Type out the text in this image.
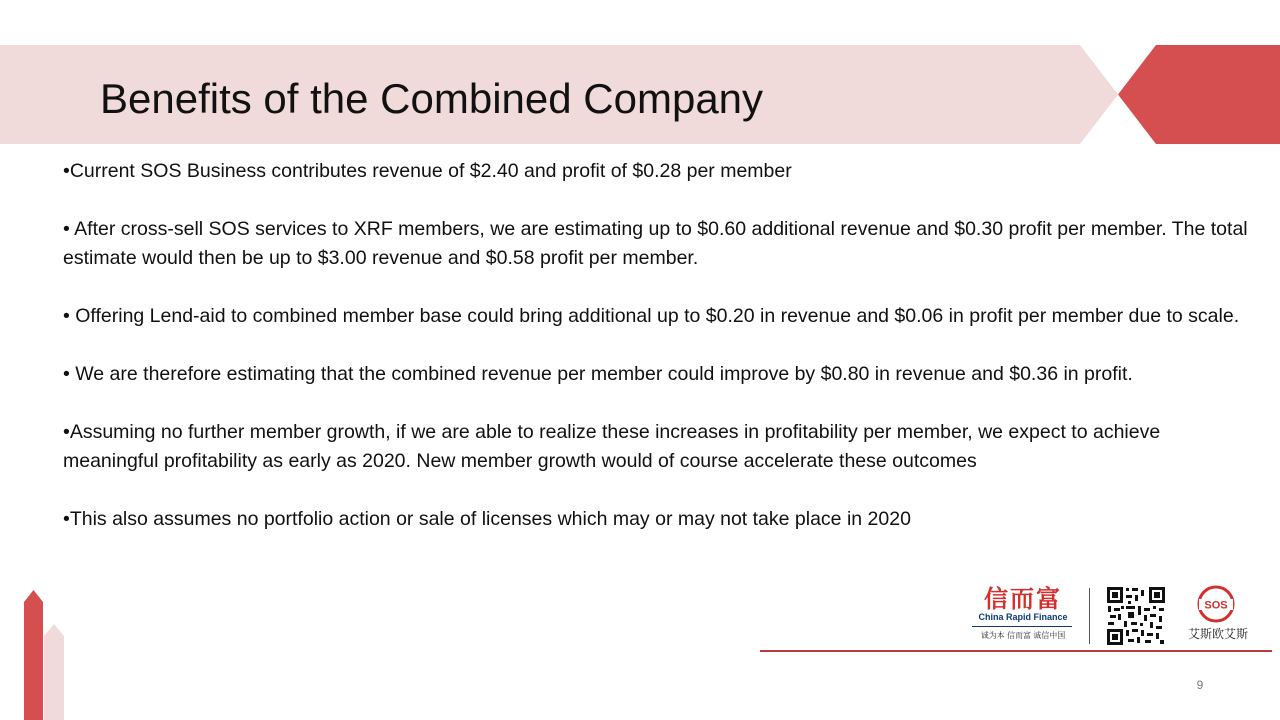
Benefits of the Combined Company

•Current SOS Business contributes revenue of $2.40 and profit of $0.28 per member

• After cross-sell SOS services to XRF members, we are estimating up to $0.60 additional revenue and $0.30 profit per member. The total estimate would then be up to $3.00 revenue and $0.58 profit per member.

• Offering Lend-aid to combined member base could bring additional up to $0.20 in revenue and $0.06 in profit per member due to scale.

• We are therefore estimating that the combined revenue per member could improve by $0.80 in revenue and $0.36 in profit.

•Assuming no further member growth, if we are able to realize these increases in profitability per member, we expect to achieve meaningful profitability as early as 2020. New member growth would of course accelerate these outcomes

•This also assumes no portfolio action or sale of licenses which may or may not take place in 2020

信而富
China Rapid Finance
诚为本 信而富 诚信中国
SOS
艾斯欧艾斯
9
